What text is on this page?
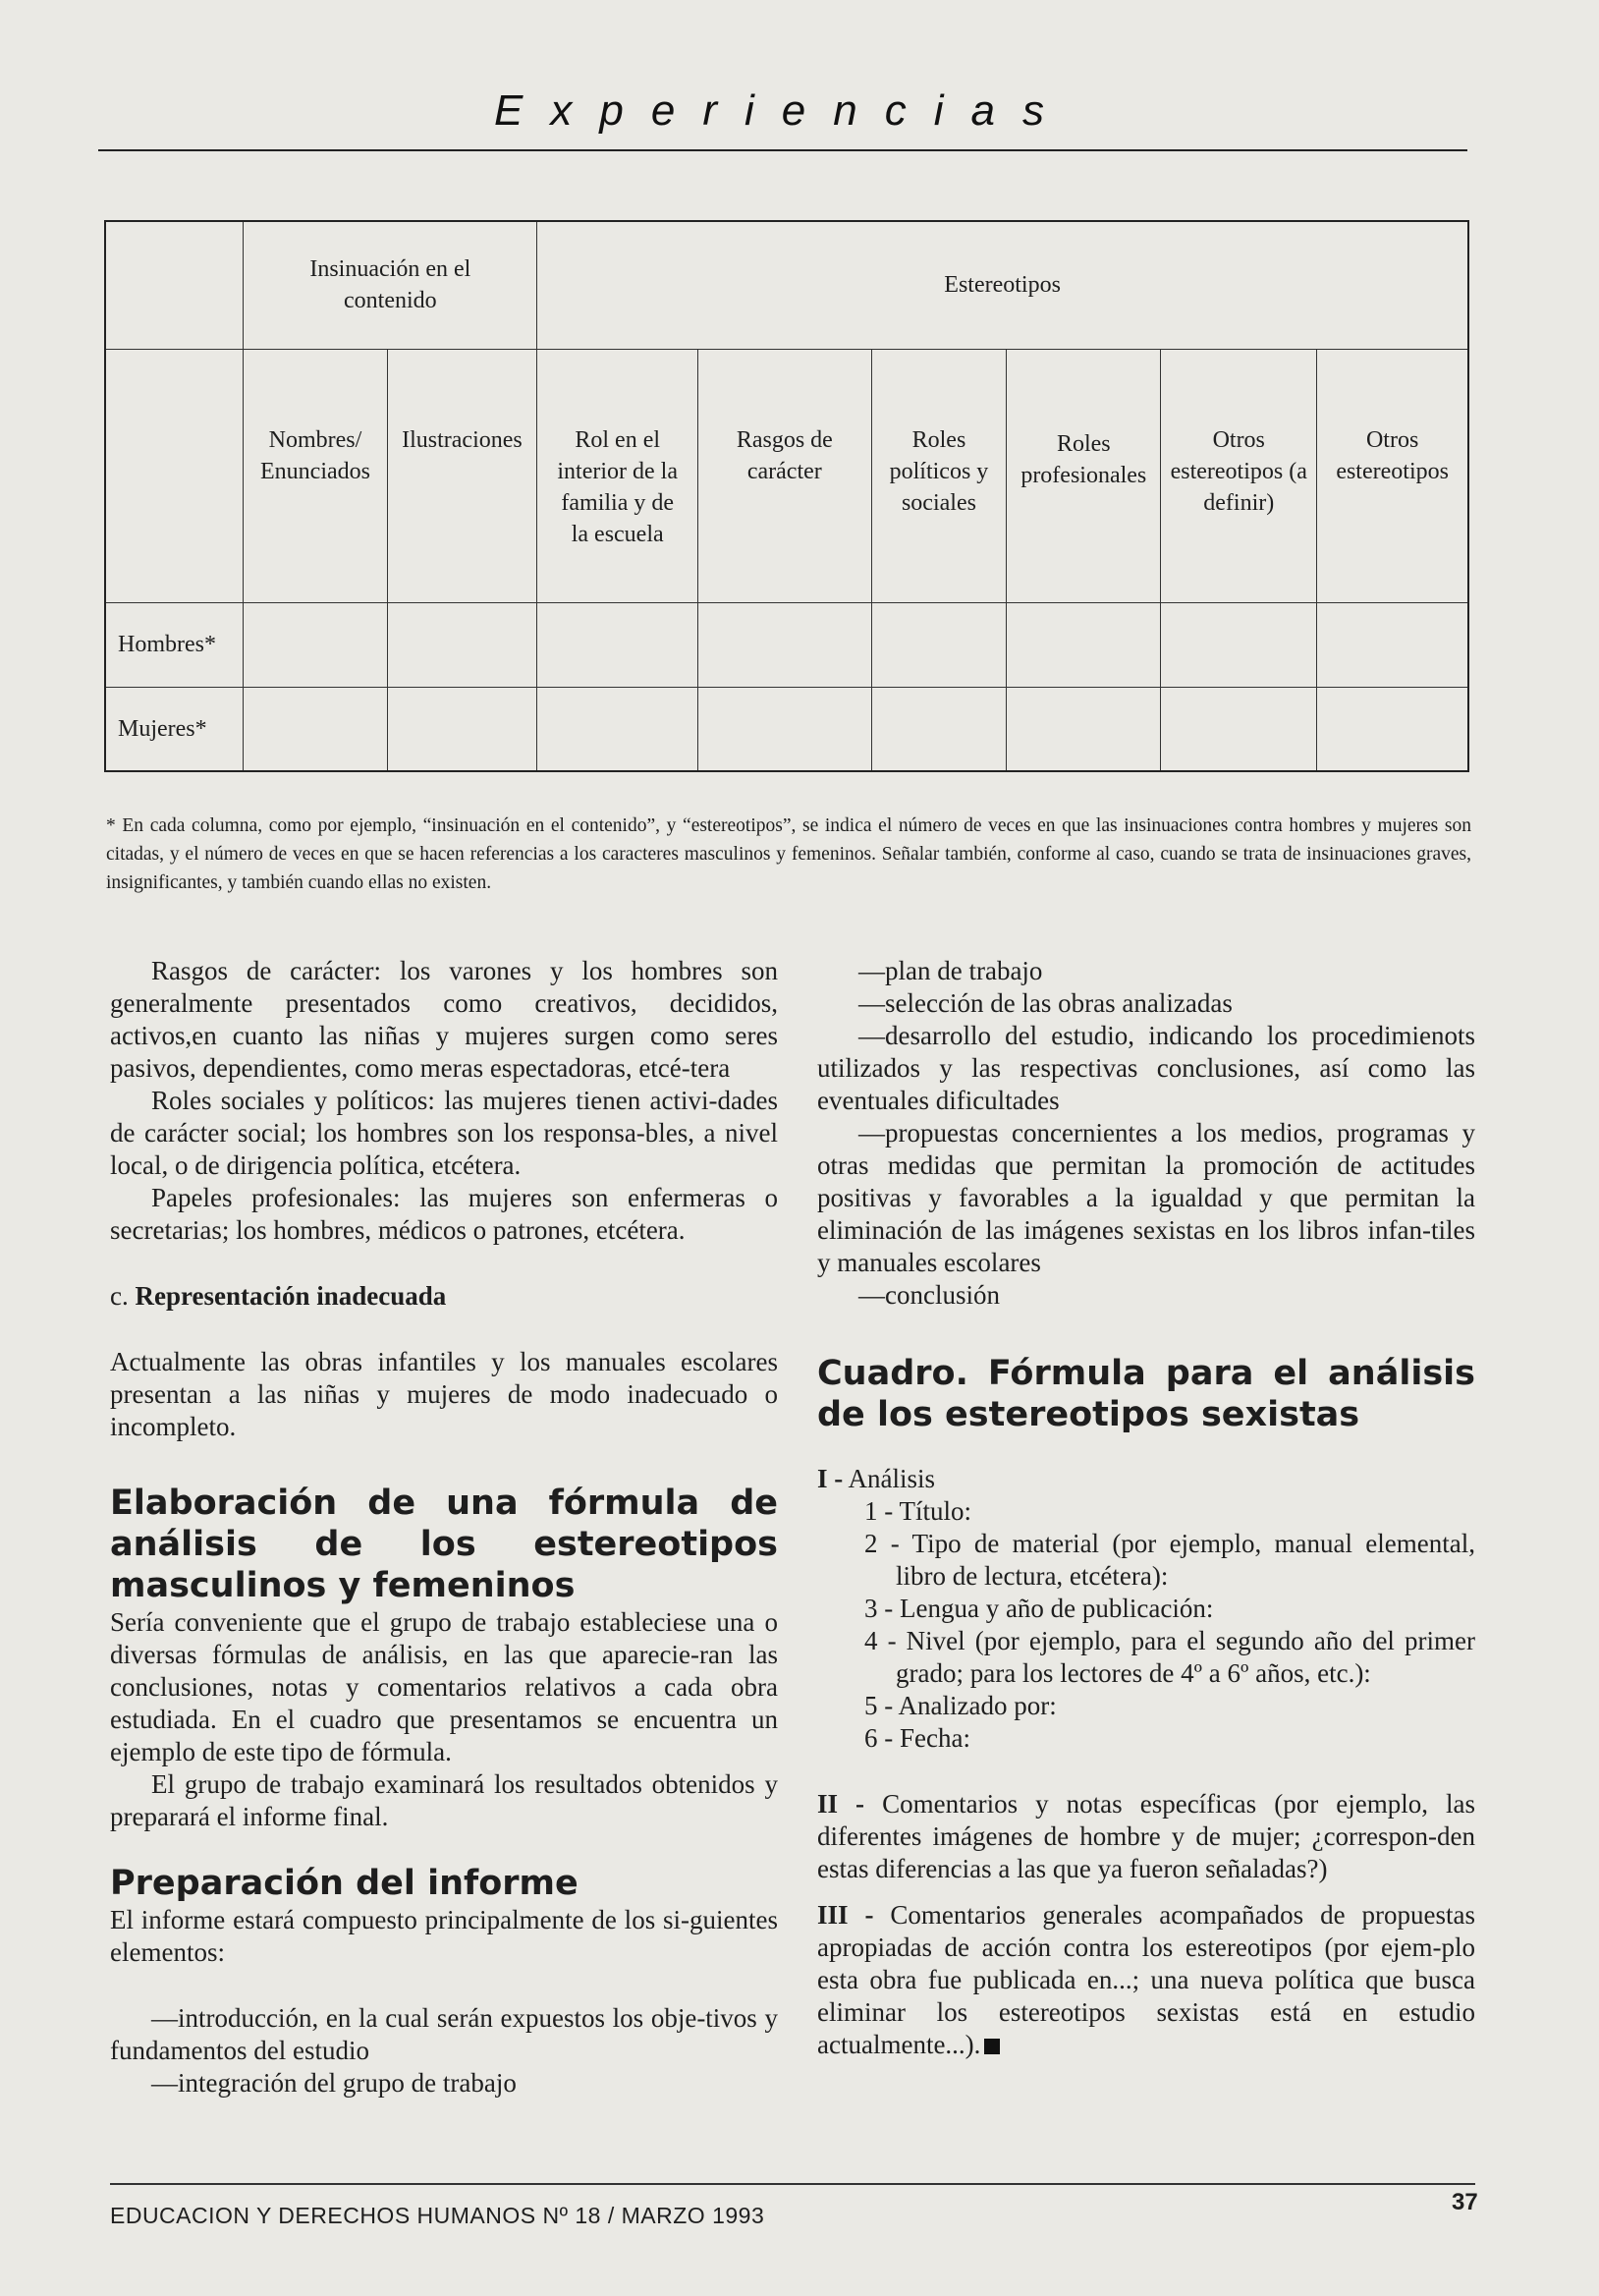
Experiencias
	Insinuación en el contenido		Estereotipos					
	Nombres/ Enunciados	Ilustraciones	Rol en el interior de la familia y de la escuela	Rasgos de carácter	Roles políticos y sociales	Roles profesionales	Otros estereotipos (a definir)	Otros estereotipos
Hombres*								
Mujeres*								

* En cada columna, como por ejemplo, “insinuación en el contenido”, y “estereotipos”, se indica el número de veces en que las insinuaciones contra hombres y mujeres son citadas, y el número de veces en que se hacen referencias a los caracteres masculinos y femeninos. Señalar también, conforme al caso, cuando se trata de insinuaciones graves, insignificantes, y también cuando ellas no existen.

Rasgos de carácter: los varones y los hombres son generalmente presentados como creativos, decididos, activos,en cuanto las niñas y mujeres surgen como seres pasivos, dependientes, como meras espectadoras, etcé-tera

Roles sociales y políticos: las mujeres tienen activi-dades de carácter social; los hombres son los responsa-bles, a nivel local, o de dirigencia política, etcétera.

Papeles profesionales: las mujeres son enfermeras o secretarias; los hombres, médicos o patrones, etcétera.

c. Representación inadecuada

Actualmente las obras infantiles y los manuales escolares presentan a las niñas y mujeres de modo inadecuado o incompleto.

Elaboración de una fórmula de análisis de los estereotipos masculinos y femeninos

Sería conveniente que el grupo de trabajo estableciese una o diversas fórmulas de análisis, en las que aparecie-ran las conclusiones, notas y comentarios relativos a cada obra estudiada. En el cuadro que presentamos se encuentra un ejemplo de este tipo de fórmula.

El grupo de trabajo examinará los resultados obtenidos y preparará el informe final.

Preparación del informe

El informe estará compuesto principalmente de los si-guientes elementos:

—introducción, en la cual serán expuestos los obje-tivos y fundamentos del estudio

—integración del grupo de trabajo

—plan de trabajo

—selección de las obras analizadas

—desarrollo del estudio, indicando los procedimienots utilizados y las respectivas conclusiones, así como las eventuales dificultades

—propuestas concernientes a los medios, programas y otras medidas que permitan la promoción de actitudes positivas y favorables a la igualdad y que permitan la eliminación de las imágenes sexistas en los libros infan-tiles y manuales escolares

—conclusión

Cuadro. Fórmula para el análisis de los estereotipos sexistas

I - Análisis

1 - Título:

2 - Tipo de material (por ejemplo, manual elemental, libro de lectura, etcétera):

3 - Lengua y año de publicación:

4 - Nivel (por ejemplo, para el segundo año del primer grado; para los lectores de 4º a 6º años, etc.):

5 - Analizado por:

6 - Fecha:

II - Comentarios y notas específicas (por ejemplo, las diferentes imágenes de hombre y de mujer; ¿correspon-den estas diferencias a las que ya fueron señaladas?)

III - Comentarios generales acompañados de propuestas apropiadas de acción contra los estereotipos (por ejem-plo esta obra fue publicada en...; una nueva política que busca eliminar los estereotipos sexistas está en estudio actualmente...).

EDUCACION Y DERECHOS HUMANOS Nº 18 / MARZO 1993	37
